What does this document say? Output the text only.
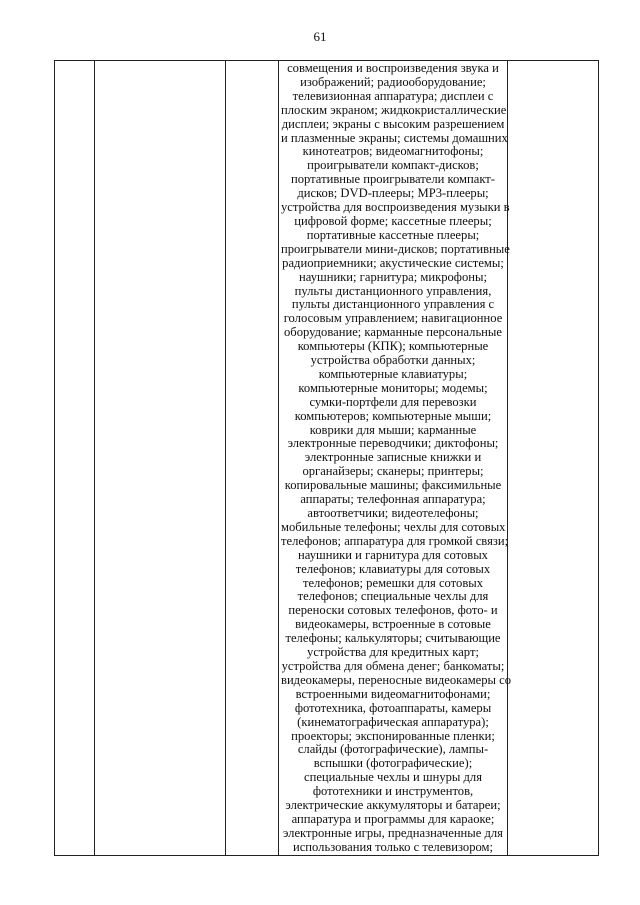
61

совмещения и воспроизведения звука и
изображений; радиооборудование;
телевизионная аппаратура; дисплеи с
плоским экраном; жидкокристаллические
дисплеи; экраны с высоким разрешением
и плазменные экраны; системы домашних
кинотеатров; видеомагнитофоны;
проигрыватели компакт-дисков;
портативные проигрыватели компакт-
дисков; DVD-плееры; MP3-плееры;
устройства для воспроизведения музыки в
цифровой форме; кассетные плееры;
портативные кассетные плееры;
проигрыватели мини-дисков; портативные
радиоприемники; акустические системы;
наушники; гарнитура; микрофоны;
пульты дистанционного управления,
пульты дистанционного управления с
голосовым управлением; навигационное
оборудование; карманные персональные
компьютеры (КПК); компьютерные
устройства обработки данных;
компьютерные клавиатуры;
компьютерные мониторы; модемы;
сумки-портфели для перевозки
компьютеров; компьютерные мыши;
коврики для мыши; карманные
электронные переводчики; диктофоны;
электронные записные книжки и
органайзеры; сканеры; принтеры;
копировальные машины; факсимильные
аппараты; телефонная аппаратура;
автоответчики; видеотелефоны;
мобильные телефоны; чехлы для сотовых
телефонов; аппаратура для громкой связи;
наушники и гарнитура для сотовых
телефонов; клавиатуры для сотовых
телефонов; ремешки для сотовых
телефонов; специальные чехлы для
переноски сотовых телефонов, фото- и
видеокамеры, встроенные в сотовые
телефоны; калькуляторы; считывающие
устройства для кредитных карт;
устройства для обмена денег; банкоматы;
видеокамеры, переносные видеокамеры со
встроенными видеомагнитофонами;
фототехника, фотоаппараты, камеры
(кинематографическая аппаратура);
проекторы; экспонированные пленки;
слайды (фотографические), лампы-
вспышки (фотографические);
специальные чехлы и шнуры для
фототехники и инструментов,
электрические аккумуляторы и батареи;
аппаратура и программы для караоке;
электронные игры, предназначенные для
использования только с телевизором;
